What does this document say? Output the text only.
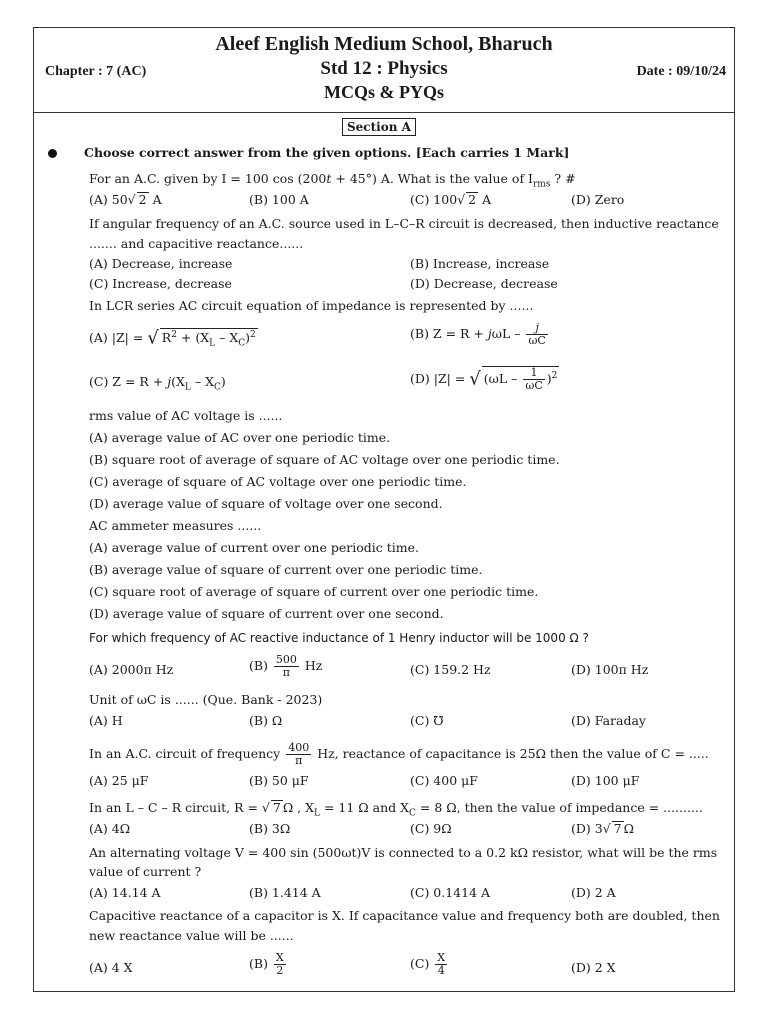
Aleef English Medium School, Bharuch
Chapter : 7 (AC)	Std 12 : Physics	Date : 09/10/24
MCQs & PYQs
Section A
Choose correct answer from the given options. [Each carries 1 Mark]
For an A.C. given by I = 100 cos (200t + 45°) A. What is the value of $I_{rms}$ ? #
(A) 50√ 2 A	(B) 100 A	(C) 100√ 2 A	(D) Zero
If angular frequency of an A.C. source used in L–C–R circuit is decreased, then inductive reactance
....... and capacitive reactance......
(A) Decrease, increase	(B) Increase, increase
(C) Increase, decrease	(D) Decrease, decrease
In LCR series AC circuit equation of impedance is represented by ......
(A) |Z| = √ $R^2 + (X_L - X_C)^2$	(B) $Z = R + j\omega L - \frac{j}{\omega C}$
(C) $Z = R + j(X_L - X_C)$	(D) |Z| = √ $(\omega L - \frac{1}{\omega C} )^2$
rms value of AC voltage is ......
(A) average value of AC over one periodic time.
(B) square root of average of square of AC voltage over one periodic time.
(C) average of square of AC voltage over one periodic time.
(D) average value of square of voltage over one second.
AC ammeter measures ......
(A) average value of current over one periodic time.
(B) average value of square of current over one periodic time.
(C) square root of average of square of current over one periodic time.
(D) average value of square of current over one second.
For which frequency of AC reactive inductance of 1 Henry inductor will be 1000 Ω ?
(A) 2000π Hz	$(B) \frac{500}{\pi}$ Hz	(C) 159.2 Hz	(D) 100π Hz
Unit of ωC is ...... (Que. Bank - 2023)
(A) H	(B) Ω	(C) ℧	(D) Faraday
In an A.C. circuit of frequency $\frac{400}{\pi} Hz$, reactance of capacitance is 25Ω then the value of C = .....
(A) 25 μF	(B) 50 μF	(C) 400 μF	(D) 100 μF
In an L – C – R circuit, R = √ 7 Ω , $X_L = 11$ Ω and $X_C = 8$ Ω, then the value of impedance = ..........
(A) 4Ω	(B) 3Ω	(C) 9Ω	(D) 3√ 7 Ω
An alternating voltage V = 400 sin (500ωt)V is connected to a 0.2 kΩ resistor, what will be the rms
value of current ?
(A) 14.14 A	(B) 1.414 A	(C) 0.1414 A	(D) 2 A
Capacitive reactance of a capacitor is X. If capacitance value and frequency both are doubled, then
new reactance value will be ......
(A) 4 X	$(B) \frac{X}{2}$	$(C) \frac{X}{4}$	(D) 2 X
